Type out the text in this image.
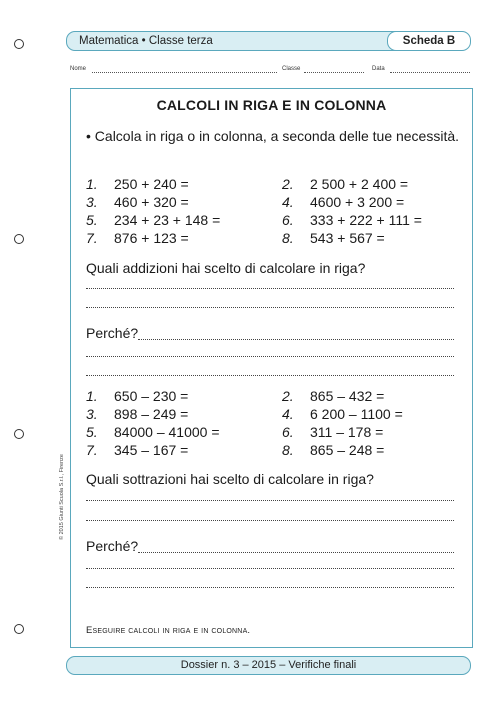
Matematica • Classe terza	Scheda B
Nome	Classe	Data
CALCOLI IN RIGA E IN COLONNA
• Calcola in riga o in colonna, a seconda delle tue necessità.
1. 250 + 240 =	2. 2 500 + 2 400 =
3. 460 + 320 =	4. 4600 + 3 200 =
5. 234 + 23 + 148 =	6. 333 + 222 + 111 =
7. 876 + 123 =	8. 543 + 567 =
Quali addizioni hai scelto di calcolare in riga?
Perché?
1. 650 – 230 =	2. 865 – 432 =
3. 898 – 249 =	4. 6 200 – 1100 =
5. 84000 – 41000 =	6. 311 – 178 =
7. 345 – 167 =	8. 865 – 248 =
Quali sottrazioni hai scelto di calcolare in riga?
Perché?
Eseguire calcoli in riga e in colonna.
© 2015 Giunti Scuola S.r.l., Firenze
Dossier n. 3 – 2015 – Verifiche finali
